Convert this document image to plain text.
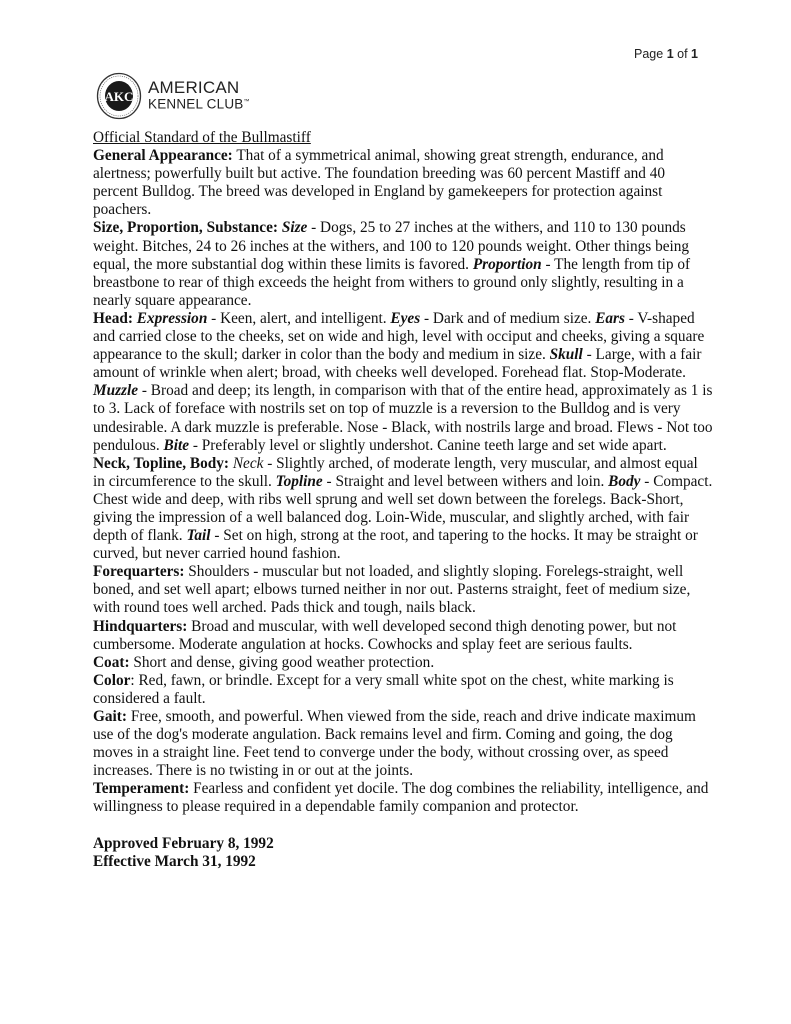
Page 1 of 1
AKC AMERICAN
KENNEL CLUB™

Official Standard of the Bullmastiff

General Appearance: That of a symmetrical animal, showing great strength, endurance, and alertness; powerfully built but active. The foundation breeding was 60 percent Mastiff and 40 percent Bulldog. The breed was developed in England by gamekeepers for protection against poachers.

Size, Proportion, Substance: Size - Dogs, 25 to 27 inches at the withers, and 110 to 130 pounds weight. Bitches, 24 to 26 inches at the withers, and 100 to 120 pounds weight. Other things being equal, the more substantial dog within these limits is favored. Proportion - The length from tip of breastbone to rear of thigh exceeds the height from withers to ground only slightly, resulting in a nearly square appearance.

Head: Expression - Keen, alert, and intelligent. Eyes - Dark and of medium size. Ears - V-shaped and carried close to the cheeks, set on wide and high, level with occiput and cheeks, giving a square appearance to the skull; darker in color than the body and medium in size. Skull - Large, with a fair amount of wrinkle when alert; broad, with cheeks well developed. Forehead flat. Stop-Moderate. Muzzle - Broad and deep; its length, in comparison with that of the entire head, approximately as 1 is to 3. Lack of foreface with nostrils set on top of muzzle is a reversion to the Bulldog and is very undesirable. A dark muzzle is preferable. Nose - Black, with nostrils large and broad. Flews - Not too pendulous. Bite - Preferably level or slightly undershot. Canine teeth large and set wide apart.

Neck, Topline, Body: Neck - Slightly arched, of moderate length, very muscular, and almost equal in circumference to the skull. Topline - Straight and level between withers and loin. Body - Compact. Chest wide and deep, with ribs well sprung and well set down between the forelegs. Back-Short, giving the impression of a well balanced dog. Loin-Wide, muscular, and slightly arched, with fair depth of flank. Tail - Set on high, strong at the root, and tapering to the hocks. It may be straight or curved, but never carried hound fashion.

Forequarters: Shoulders - muscular but not loaded, and slightly sloping. Forelegs-straight, well boned, and set well apart; elbows turned neither in nor out. Pasterns straight, feet of medium size, with round toes well arched. Pads thick and tough, nails black.

Hindquarters: Broad and muscular, with well developed second thigh denoting power, but not cumbersome. Moderate angulation at hocks. Cowhocks and splay feet are serious faults.

Coat: Short and dense, giving good weather protection.

Color: Red, fawn, or brindle. Except for a very small white spot on the chest, white marking is considered a fault.

Gait: Free, smooth, and powerful. When viewed from the side, reach and drive indicate maximum use of the dog's moderate angulation. Back remains level and firm. Coming and going, the dog moves in a straight line. Feet tend to converge under the body, without crossing over, as speed increases. There is no twisting in or out at the joints.

Temperament: Fearless and confident yet docile. The dog combines the reliability, intelligence, and willingness to please required in a dependable family companion and protector.

Approved February 8, 1992

Effective March 31, 1992
